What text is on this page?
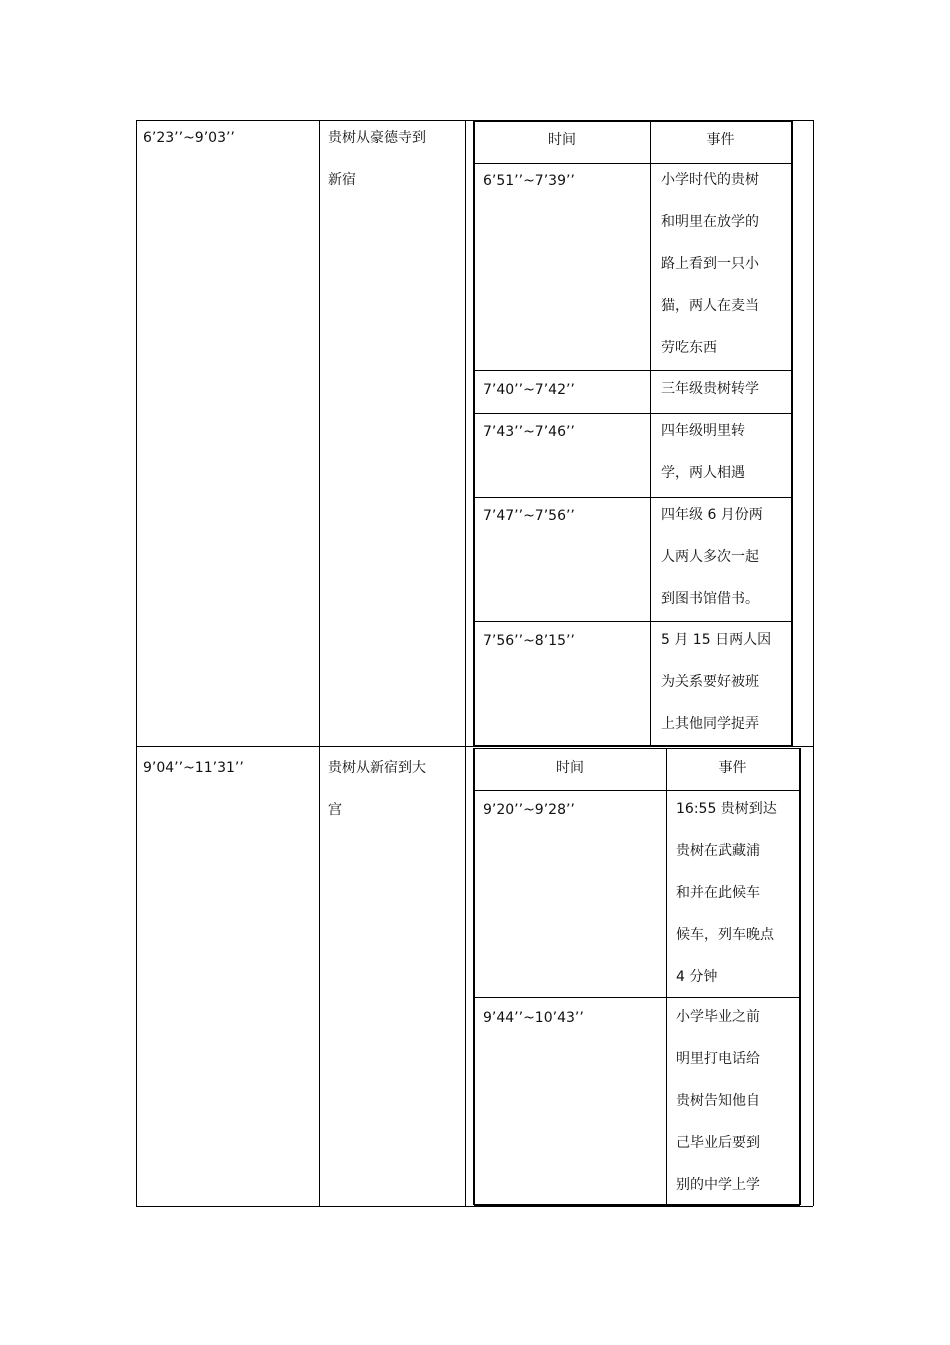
6’23’’~9’03’’	贵树从豪德寺到
新宿
时间	事件
6’51’’~7’39’’	小学时代的贵树
和明里在放学的
路上看到一只小
猫，两人在麦当
劳吃东西
7’40’’~7’42’’	三年级贵树转学
7’43’’~7’46’’	四年级明里转
学，两人相遇
7’47’’~7’56’’	四年级 6 月份两
人两人多次一起
到图书馆借书。
7’56’’~8’15’’	5 月 15 日两人因
为关系要好被班
上其他同学捉弄
9’04’’~11’31’’	贵树从新宿到大
宫
时间	事件
9’20’’~9’28’’	16:55 贵树到达
贵树在武藏浦
和并在此候车
候车，列车晚点
4 分钟
9’44’’~10’43’’	小学毕业之前
明里打电话给
贵树告知他自
己毕业后要到
别的中学上学
